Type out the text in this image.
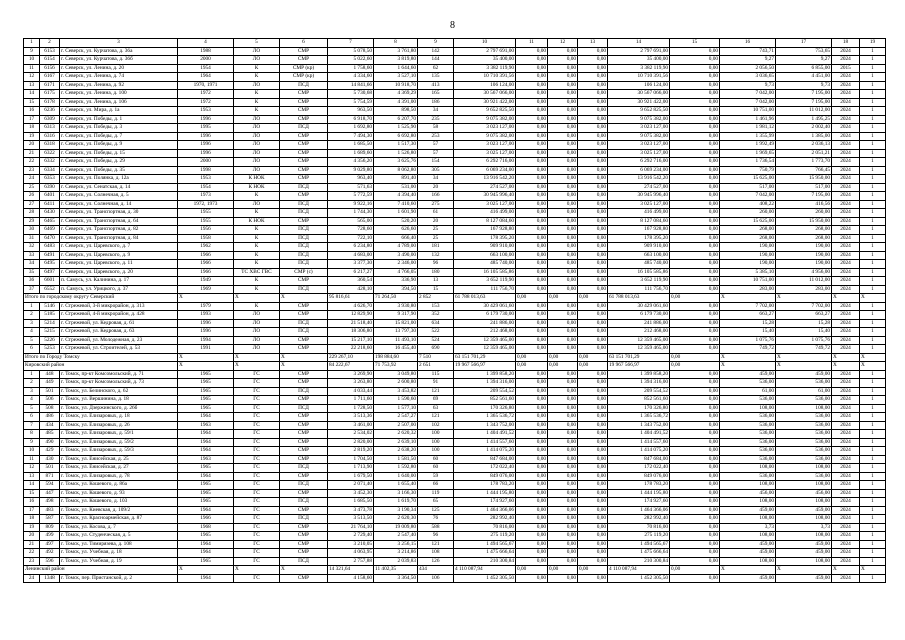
8
1	2	3	4	5	6	7	8	9	10	11	12	13	14	15	16	17	18	19
9	6153	г. Северск, ул. Курчатова, д. 36а	1988	ЛО	СМР	5 078,50	3 761,80	142	2 797 691,00	0,00	0,00	0,00	2 797 691,00	0,00	743,71	753,65	2024	1
10	6154	г. Северск, ул. Курчатова, д. 36б	2000	ЛО	СМР	5 022,60	3 819,80	144	35 400,00	0,00	0,00	0,00	35 400,00	0,00	9,27	9,27	2024	1
11	6156	г. Северск, ул. Ленина, д. 20	1954	К	СМР (кр)	1 758,60	1 644,60	62	3 382 119,90	0,00	0,00	0,00	3 382 119,90	0,00	2 056,50	6 855,00	2015	1
12	6167	г. Северск, ул. Ленина, д. 74	1964	К	СМР (кр)	4 334,60	3 527,10	135	10 710 391,56	0,00	0,00	0,00	10 710 391,56	0,00	3 036,65	4 451,00	2024	1
13	6171	г. Северск, ул. Ленина, д. 92	1970, 1971	ЛО	ПСД	14 841,66	10 918,70	413	106 124,00	0,00	0,00	0,00	106 124,00	0,00	9,73	9,73	2024	1
14	6175	г. Северск, ул. Ленина, д. 100	1972	К	СМР	5 730,68	4 369,29	165	30 567 066,00	0,00	0,00	0,00	30 567 066,00	0,00	7 042,00	7 195,00	2024	1
15	6178	г. Северск, ул. Ленина, д. 106	1972	К	СМР	5 754,59	4 391,00	186	30 921 422,00	0,00	0,00	0,00	30 921 422,00	0,00	7 042,00	7 195,00	2024	1
16	6236	г. Северск, ул. Мира, д. 1а	1953	К	СМР	963,50	898,50	34	9 652 825,50	0,00	0,00	0,00	9 652 825,50	0,00	10 751,00	11 012,00	2024	1
17	6309	г. Северск, ул. Победы, д. 1	1996	ЛО	СМР	6 918,70	6 207,70	235	9 075 382,00	0,00	0,00	0,00	9 075 382,00	0,00	1 461,96	1 495,25	2024	1
18	6313	г. Северск, ул. Победы, д. 3	1995	ЛО	ПСД	1 692,80	1 525,90	58	3 023 127,00	0,00	0,00	0,00	3 023 127,00	0,00	1 981,12	2 002,40	2024	1
19	6316	г. Северск, ул. Победы, д. 7	1996	ЛО	СМР	7 494,30	6 692,80	253	9 075 382,00	0,00	0,00	0,00	9 075 382,00	0,00	1 355,99	1 385,00	2024	1
20	6318	г. Северск, ул. Победы, д. 9	1996	ЛО	СМР	1 685,50	1 517,30	57	3 023 127,00	0,00	0,00	0,00	3 023 127,00	0,00	1 992,49	2 036,13	2024	1
21	6322	г. Северск, ул. Победы, д. 15	1996	ЛО	СМР	1 689,60	1 526,80	57	3 025 127,00	0,00	0,00	0,00	3 025 127,00	0,00	1 969,65	2 051,21	2024	1
22	6332	г. Северск, ул. Победы, д. 29	2000	ЛО	СМР	4 356,20	3 625,76	154	6 292 716,00	0,00	0,00	0,00	6 292 716,00	0,00	1 736,54	1 773,70	2024	1
23	6334	г. Северск, ул. Победы, д. 35	1998	ЛО	СМР	9 029,80	8 062,80	305	6 069 234,00	0,00	0,00	0,00	6 069 234,00	0,00	750,79	766,45	2024	1
24	6353	г. Северск, ул. Полянка, д. 12а	1953	К НОК	СМР	963,40	891,40	34	13 916 542,20	0,00	0,00	0,00	13 916 542,20	0,00	15 625,00	15 950,00	2024	1
25	6390	г. Северск, ул. Сенатская, д. 14	1954	К НОК	ПСД	571,63	531,00	20	274 527,00	0,00	0,00	0,00	274 527,00	0,00	517,00	517,00	2024	1
26	6401	г. Северск, ул. Солнечная, д. 5	1973	К	СМР	5 772,59	4 394,40	166	30 945 996,40	0,00	0,00	0,00	30 945 996,40	0,00	7 042,00	7 195,00	2024	1
27	6411	г. Северск, ул. Солнечная, д. 14	1972, 1973	ЛО	ПСД	9 922,16	7 410,60	275	3 025 127,00	0,00	0,00	0,00	3 025 127,00	0,00	408,22	416,56	2024	1
28	6430	г. Северск, ул. Транспортная, д. 30	1955	К	ПСД	1 744,30	1 601,90	61	416 499,00	0,00	0,00	0,00	416 499,00	0,00	260,00	260,00	2024	1
29	6465	г. Северск, ул. Транспортная, д. 64	1955	К НОК	СМР	565,00	520,20	20	8 127 084,60	0,00	0,00	0,00	8 127 084,60	0,00	15 625,00	15 950,00	2024	1
30	6469	г. Северск, ул. Транспортная, д. 82	1956	К	ПСД	728,60	626,60	25	167 928,80	0,00	0,00	0,00	167 928,80	0,00	268,00	268,00	2024	1
31	6470	г. Северск, ул. Транспортная, д. 84	1958	К	ПСД	722,10	666,40	25	178 395,20	0,00	0,00	0,00	178 395,20	0,00	268,00	268,00	2024	1
32	6483	г. Северск, ул. Царевского, д. 7	1962	К	ПСД	6 234,80	4 789,00	181	909 910,00	0,00	0,00	0,00	909 910,00	0,00	190,00	190,00	2024	1
33	6491	г. Северск, ул. Царевского, д. 9	1966	К	ПСД	4 683,00	3 490,00	132	663 100,00	0,00	0,00	0,00	663 100,00	0,00	190,00	190,00	2024	1
34	6495	г. Северск, ул. Царевского, д. 11	1966	К	ПСД	3 377,30	2 346,00	96	485 740,00	0,00	0,00	0,00	485 740,00	0,00	190,00	190,00	2024	1
35	6497	г. Северск, ул. Царевского, д. 20	1966	ТС ХВС ГВС	СМР (с)	6 217,27	4 766,05	180	16 105 585,86	0,00	0,00	0,00	16 105 585,86	0,00	5 385,10	4 956,00	2024	1
36	6601	п. Самусь, ул. Калинина, д. 17	1949	К	СМР	360,54	336,90	13	3 652 119,90	0,00	0,00	0,00	3 652 119,90	0,00	10 751,00	11 012,00	2024	1
37	6552	п. Самусь, ул. Урицкого, д. 37	1969	К	ПСД	428,10	394,50	15	111 756,70	0,00	0,00	0,00	111 756,70	0,00	283,00	283,00	2024	1
Итого по городскому округу Северский			Х	Х	Х	95 816,61	71 264,50	2 852	61 788 013,63	0,00	0,00	0,00	61 788 013,63	0,00	Х	Х	Х	Х
1	5146	г. Стрежевой, 3-й микрорайон, д. 313	1979	К	СМР	4 626,70	3 930,80	153	30 429 061,60	0,00	0,00	0,00	30 429 061,60	0,00	7 702,00	7 702,00	2024	1
2	5185	г. Стрежевой, 4-й микрорайон, д. 428	1993	ЛО	СМР	12 829,90	9 317,90	352	6 179 730,00	0,00	0,00	0,00	6 179 730,00	0,00	663,27	663,27	2024	1
3	5214	г. Стрежевой, ул. Кедровая, д. 61	1996	ЛО	ПСД	21 518,40	15 821,00	634	241 886,00	0,00	0,00	0,00	241 886,00	0,00	15,28	15,28	2024	1
4	5215	г. Стрежевой, ул. Кедровая, д. 63	1996	ЛО	ПСД	18 306,80	13 797,30	522	212 468,00	0,00	0,00	0,00	212 468,00	0,00	15,40	15,40	2024	1
5	5226	г. Стрежевой, ул. Молодежная, д. 23	1994	ЛО	СМР	15 217,10	11 493,10	524	12 359 465,00	0,00	0,00	0,00	12 359 465,00	0,00	1 075,76	1 075,76	2024	1
6	5253	г. Стрежевой, ул. Строителей, д. 53	1991	ЛО	СМР	22 218,60	16 455,40	690	12 359 465,00	0,00	0,00	0,00	12 359 465,00	0,00	749,72	749,72	2024	1
Итого по Городу Томску			Х	Х	Х	229 267,10	198 884,60	7 510	63 151 701,29	0,00	0,00	0,00	63 151 701,29	0,00	Х	Х	Х	Х
Кировский район			Х	Х	Х	84 222,67	71 753,92	2 651	19 967 566,97	0,00	0,00	0,00	19 967 566,97	0,00	Х	Х	Х	Х
1	448	г. Томск, пр-кт Комсомольский, д. 71	1965	ГС	СМР	3 269,90	3 049,80	115	1 399 858,20	0,00	0,00	0,00	1 399 858,20	0,00	459,00	459,00	2024	1
2	449	г. Томск, пр-кт Комсомольский, д. 73	1965	ГС	СМР	3 263,80	2 600,80	91	1 394 316,00	0,00	0,00	0,00	1 394 316,00	0,00	536,00	536,00	2024	1
3	501	г. Томск, ул. Белинского, д. 62	1965	ГС	ПСД	4 033,44	3 453,82	121	209 554,52	0,00	0,00	0,00	209 554,52	0,00	61,00	61,00	2024	1
4	506	г. Томск, ул. Вершинина, д. 18	1965	ГС	СМР	1 711,60	1 590,60	69	852 561,60	0,00	0,00	0,00	852 561,60	0,00	536,00	536,00	2024	1
5	508	г. Томск, ул. Дзержинского, д. 26б	1965	ГС	ПСД	1 728,50	1 577,10	63	170 326,80	0,00	0,00	0,00	170 326,80	0,00	108,00	108,00	2024	1
6	486	г. Томск, ул. Елизаровых, д. 18	1964	ГС	СМР	3 513,36	2 547,27	121	1 365 536,72	0,00	0,00	0,00	1 365 536,72	0,00	536,00	536,00	2024	1
7	434	г. Томск, ул. Елизаровых, д. 26	1963	ГС	СМР	3 461,00	2 507,00	102	1 343 752,00	0,00	0,00	0,00	1 343 752,00	0,00	536,00	536,00	2024	1
8	485	г. Томск, ул. Елизаровых, д. 59/1	1964	ГС	СМР	2 534,02	2 620,32	100	1 404 491,52	0,00	0,00	0,00	1 404 491,52	0,00	536,00	536,00	2024	1
9	490	г. Томск, ул. Елизаровых, д. 59/2	1964	ГС	СМР	2 820,00	2 639,10	100	1 414 557,60	0,00	0,00	0,00	1 414 557,60	0,00	536,00	536,00	2024	1
10	429	г. Томск, ул. Елизаровых, д. 59/3	1964	ГС	СМР	2 819,20	2 638,20	100	1 414 075,20	0,00	0,00	0,00	1 414 075,20	0,00	536,00	536,00	2024	1
11	430	г. Томск, ул. Енисейская, д. 25	1963	ГС	СМР	1 704,50	1 581,50	60	847 684,00	0,00	0,00	0,00	847 684,00	0,00	536,00	536,00	2024	1
12	501	г. Томск, ул. Енисейская, д. 27	1965	ГС	ПСД	1 713,90	1 592,80	60	172 022,40	0,00	0,00	0,00	172 022,40	0,00	108,00	108,00	2024	1
13	871	г. Томск, ул. Елизаровых, д. 78	1964	ГС	СМР	1 679,50	1 640,00	59	849 076,00	0,00	0,00	0,00	849 076,00	0,00	536,00	536,00	2024	1
14	594	г. Томск, ул. Кошевого, д. 86а	1965	ГС	ПСД	2 071,40	1 655,40	66	178 783,20	0,00	0,00	0,00	178 783,20	0,00	108,00	108,00	2024	1
15	447	г. Томск, ул. Кошевого, д. 93	1965	ГС	СМР	3 452,30	3 166,30	119	1 444 195,80	0,00	0,00	0,00	1 444 195,80	0,00	456,00	456,00	2024	1
16	498	г. Томск, ул. Кошевого, д. 103	1965	ГС	ПСД	1 685,50	1 619,70	65	174 927,60	0,00	0,00	0,00	174 927,60	0,00	108,00	108,00	2024	1
17	483	г. Томск, ул. Киевская, д. 109/2	1964	ГС	СМР	3 473,78	3 190,34	125	1 464 366,06	0,00	0,00	0,00	1 464 366,06	0,00	459,00	459,00	2024	1
18	587	г. Томск, ул. Красноармейская, д. 87	1966	ГС	ПСД	3 513,50	2 620,30	76	282 992,40	0,00	0,00	0,00	282 992,40	0,00	108,00	108,00	2024	1
19	809	г. Томск, ул. Косова, д. 7	1968	ГС	СМР	21 764,10	19 009,80	588	70 816,00	0,00	0,00	0,00	70 816,00	0,00	3,73	3,73	2024	1
20	499	г. Томск, ул. Студенческая, д. 5	1965	ГС	СМР	2 729,40	2 547,40	96	275 119,20	0,00	0,00	0,00	275 119,20	0,00	108,00	108,00	2024	1
21	497	г. Томск, ул. Тимирязева, д. 108	1964	ГС	СМР	3 210,05	3 256,15	121	1 494 565,67	0,00	0,00	0,00	1 494 565,67	0,00	459,00	459,00	2024	1
22	492	г. Томск, ул. Учебная, д. 18	1964	ГС	СМР	4 063,95	3 214,86	108	1 475 666,64	0,00	0,00	0,00	1 475 666,64	0,00	459,00	459,00	2024	1
23	596	г. Томск, ул. Учебная, д. 19	1965	ГС	ПСД	2 757,88	2 039,83	126	210 300,84	0,00	0,00	0,00	210 300,84	0,00	108,00	108,00	2024	1
Ленинский район			Х	Х	Х	14 321,64	11 402,35	434	4 110 087,94	0,00	0,00	0,00	4 110 087,94	0,00	Х	Х	Х	Х
24	1348	г. Томск, пер. Пристанской, д. 2	1964	ГС	СМР	4 158,60	3 364,50	106	1 452 305,50	0,00	0,00	0,00	1 452 305,50	0,00	459,00	459,00	2024	1
